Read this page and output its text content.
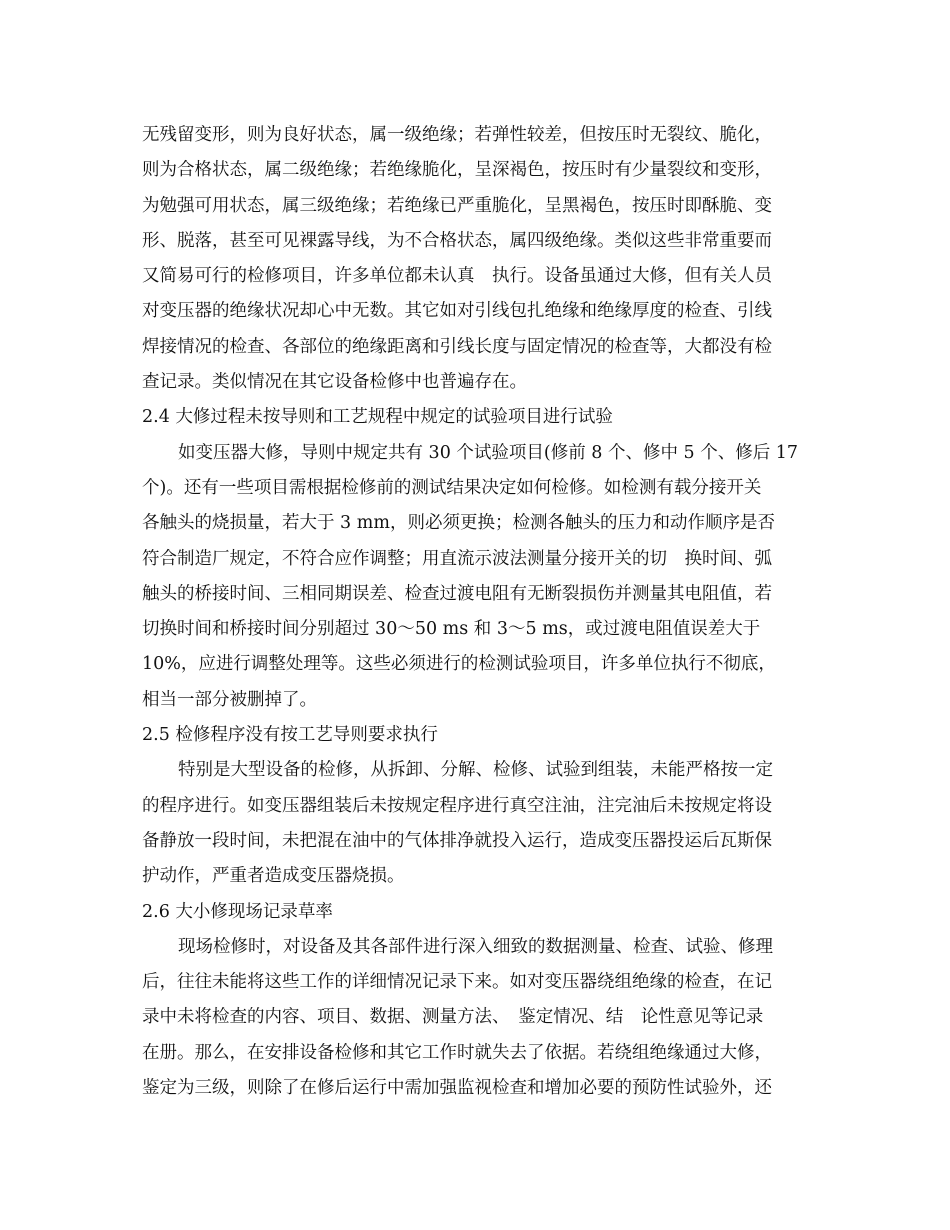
无残留变形，则为良好状态，属一级绝缘；若弹性较差，但按压时无裂纹、脆化，
则为合格状态，属二级绝缘；若绝缘脆化，呈深褐色，按压时有少量裂纹和变形，
为勉强可用状态，属三级绝缘；若绝缘已严重脆化，呈黑褐色，按压时即酥脆、变
形、脱落，甚至可见裸露导线，为不合格状态，属四级绝缘。类似这些非常重要而
又简易可行的检修项目，许多单位都未认真　执行。设备虽通过大修，但有关人员
对变压器的绝缘状况却心中无数。其它如对引线包扎绝缘和绝缘厚度的检查、引线
焊接情况的检查、各部位的绝缘距离和引线长度与固定情况的检查等，大都没有检
查记录。类似情况在其它设备检修中也普遍存在。
2.4 大修过程未按导则和工艺规程中规定的试验项目进行试验
如变压器大修，导则中规定共有 30 个试验项目(修前 8 个、修中 5 个、修后 17
个)。还有一些项目需根据检修前的测试结果决定如何检修。如检测有载分接开关
各触头的烧损量，若大于 3 mm，则必须更换；检测各触头的压力和动作顺序是否
符合制造厂规定，不符合应作调整；用直流示波法测量分接开关的切　换时间、弧
触头的桥接时间、三相同期误差、检查过渡电阻有无断裂损伤并测量其电阻值，若
切换时间和桥接时间分别超过 30～50 ms 和 3～5 ms，或过渡电阻值误差大于
10%，应进行调整处理等。这些必须进行的检测试验项目，许多单位执行不彻底，
相当一部分被删掉了。
2.5 检修程序没有按工艺导则要求执行
特别是大型设备的检修，从拆卸、分解、检修、试验到组装，未能严格按一定
的程序进行。如变压器组装后未按规定程序进行真空注油，注完油后未按规定将设
备静放一段时间，未把混在油中的气体排净就投入运行，造成变压器投运后瓦斯保
护动作，严重者造成变压器烧损。
2.6 大小修现场记录草率
现场检修时，对设备及其各部件进行深入细致的数据测量、检查、试验、修理
后，往往未能将这些工作的详细情况记录下来。如对变压器绕组绝缘的检查，在记
录中未将检查的内容、项目、数据、测量方法、　鉴定情况、结　论性意见等记录
在册。那么，在安排设备检修和其它工作时就失去了依据。若绕组绝缘通过大修，
鉴定为三级，则除了在修后运行中需加强监视检查和增加必要的预防性试验外，还
